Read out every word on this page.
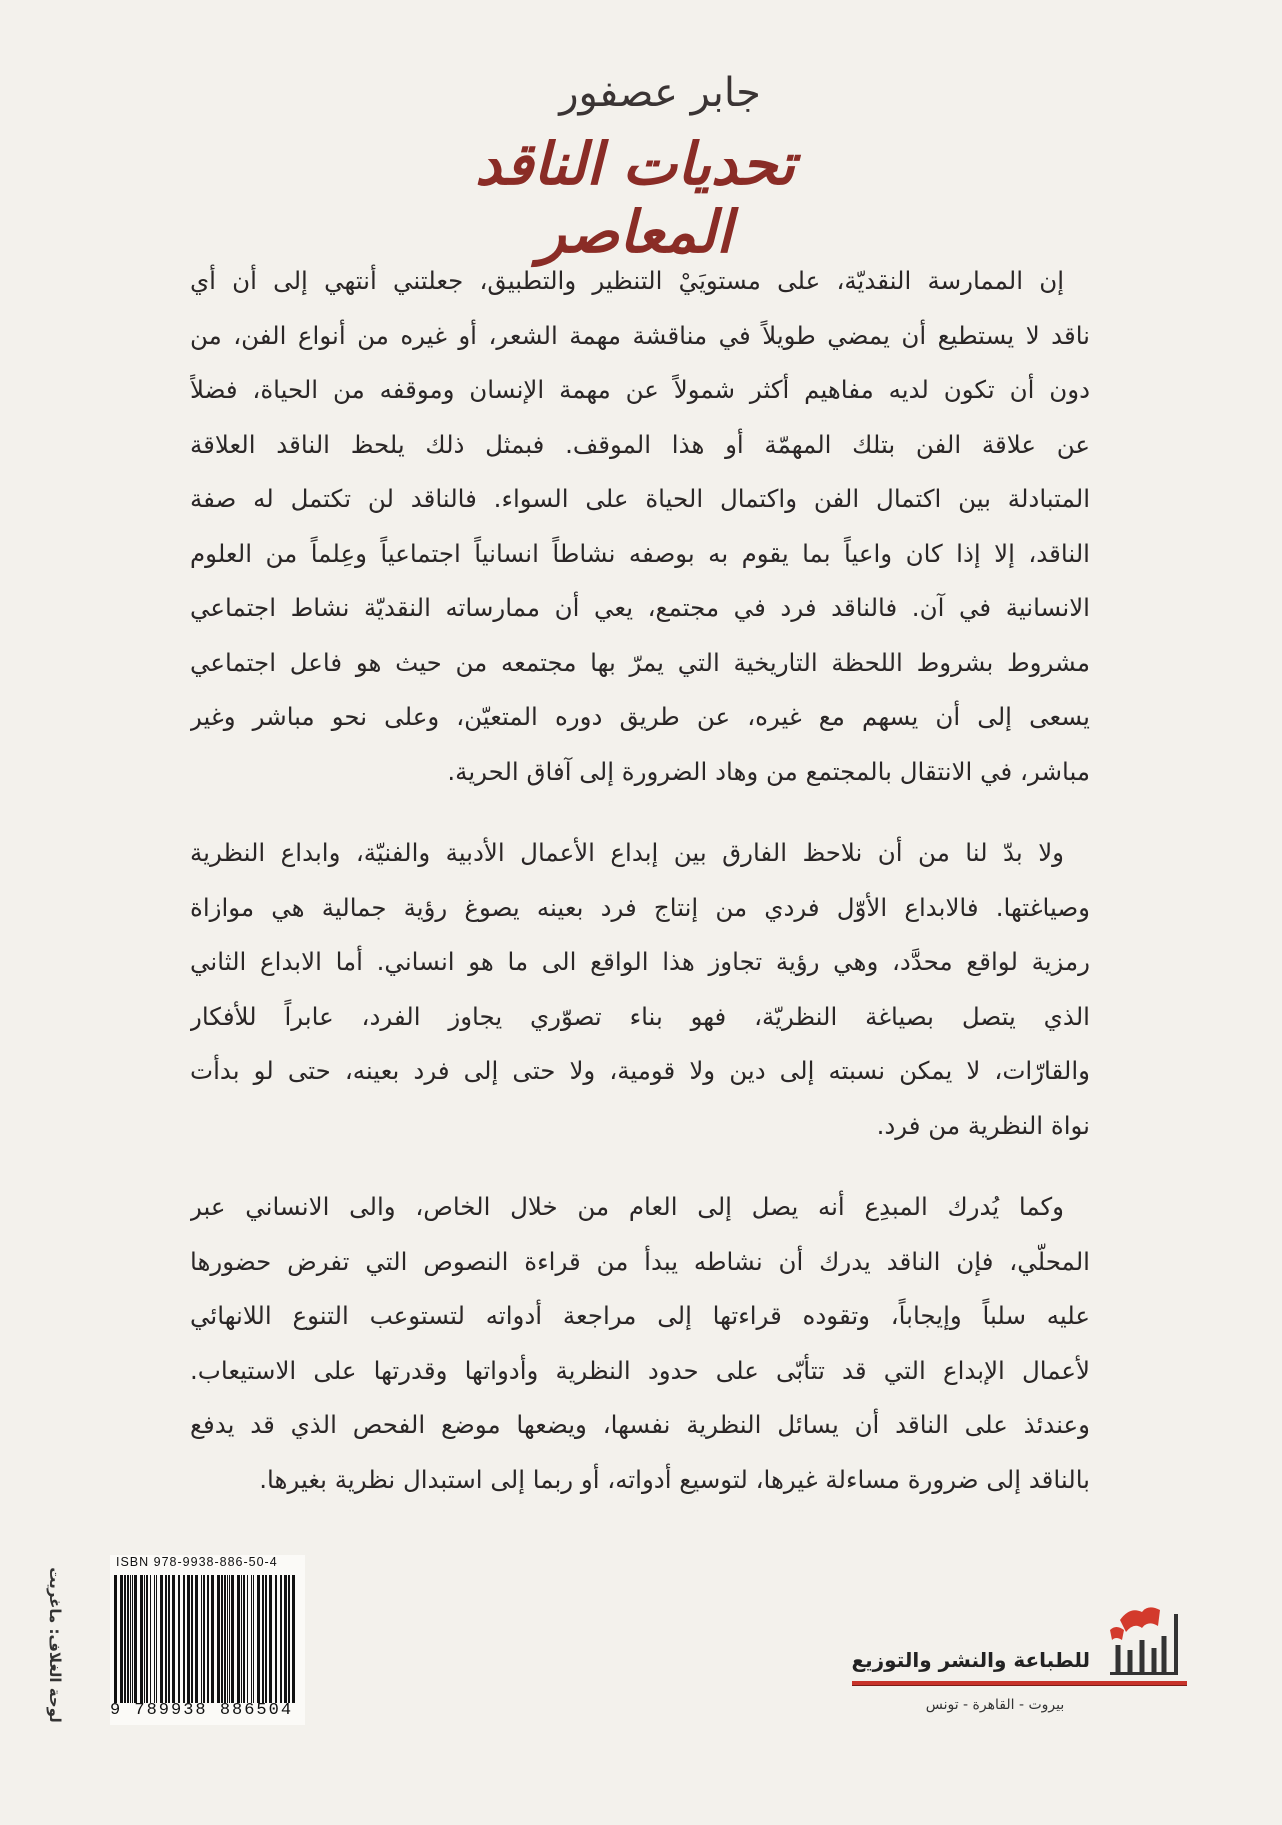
جابر عصفور
تحديات الناقد المعاصر
إن الممارسة النقديّة، على مستويَيْ التنظير والتطبيق، جعلتني أنتهي إلى أن أي
ناقد لا يستطيع أن يمضي طويلاً في مناقشة مهمة الشعر، أو غيره من أنواع الفن، من
دون أن تكون لديه مفاهيم أكثر شمولاً عن مهمة الإنسان وموقفه من الحياة، فضلاً
عن علاقة الفن بتلك المهمّة أو هذا الموقف. فبمثل ذلك يلحظ الناقد العلاقة
المتبادلة بين اكتمال الفن واكتمال الحياة على السواء. فالناقد لن تكتمل له صفة
الناقد، إلا إذا كان واعياً بما يقوم به بوصفه نشاطاً انسانياً اجتماعياً وعِلماً من العلوم
الانسانية في آن. فالناقد فرد في مجتمع، يعي أن ممارساته النقديّة نشاط اجتماعي
مشروط بشروط اللحظة التاريخية التي يمرّ بها مجتمعه من حيث هو فاعل اجتماعي
يسعى إلى أن يسهم مع غيره، عن طريق دوره المتعيّن، وعلى نحو مباشر وغير
مباشر، في الانتقال بالمجتمع من وهاد الضرورة إلى آفاق الحرية.
ولا بدّ لنا من أن نلاحظ الفارق بين إبداع الأعمال الأدبية والفنيّة، وابداع النظرية
وصياغتها. فالابداع الأوّل فردي من إنتاج فرد بعينه يصوغ رؤية جمالية هي موازاة
رمزية لواقع محدَّد، وهي رؤية تجاوز هذا الواقع الى ما هو انساني. أما الابداع الثاني
الذي يتصل بصياغة النظريّة، فهو بناء تصوّري يجاوز الفرد، عابراً للأفكار
والقارّات، لا يمكن نسبته إلى دين ولا قومية، ولا حتى إلى فرد بعينه، حتى لو بدأت
نواة النظرية من فرد.
وكما يُدرك المبدِع أنه يصل إلى العام من خلال الخاص، والى الانساني عبر
المحلّي، فإن الناقد يدرك أن نشاطه يبدأ من قراءة النصوص التي تفرض حضورها
عليه سلباً وإيجاباً، وتقوده قراءتها إلى مراجعة أدواته لتستوعب التنوع اللانهائي
لأعمال الإبداع التي قد تتأبّى على حدود النظرية وأدواتها وقدرتها على الاستيعاب.
وعندئذ على الناقد أن يسائل النظرية نفسها، ويضعها موضع الفحص الذي قد يدفع
بالناقد إلى ضرورة مساءلة غيرها، لتوسيع أدواته، أو ربما إلى استبدال نظرية بغيرها.
لوحة الغلاف: ماغريت
ISBN 978-9938-886-50-4
9 789938 886504
للطباعة والنشر والتوزيع
بيروت - القاهرة - تونس
